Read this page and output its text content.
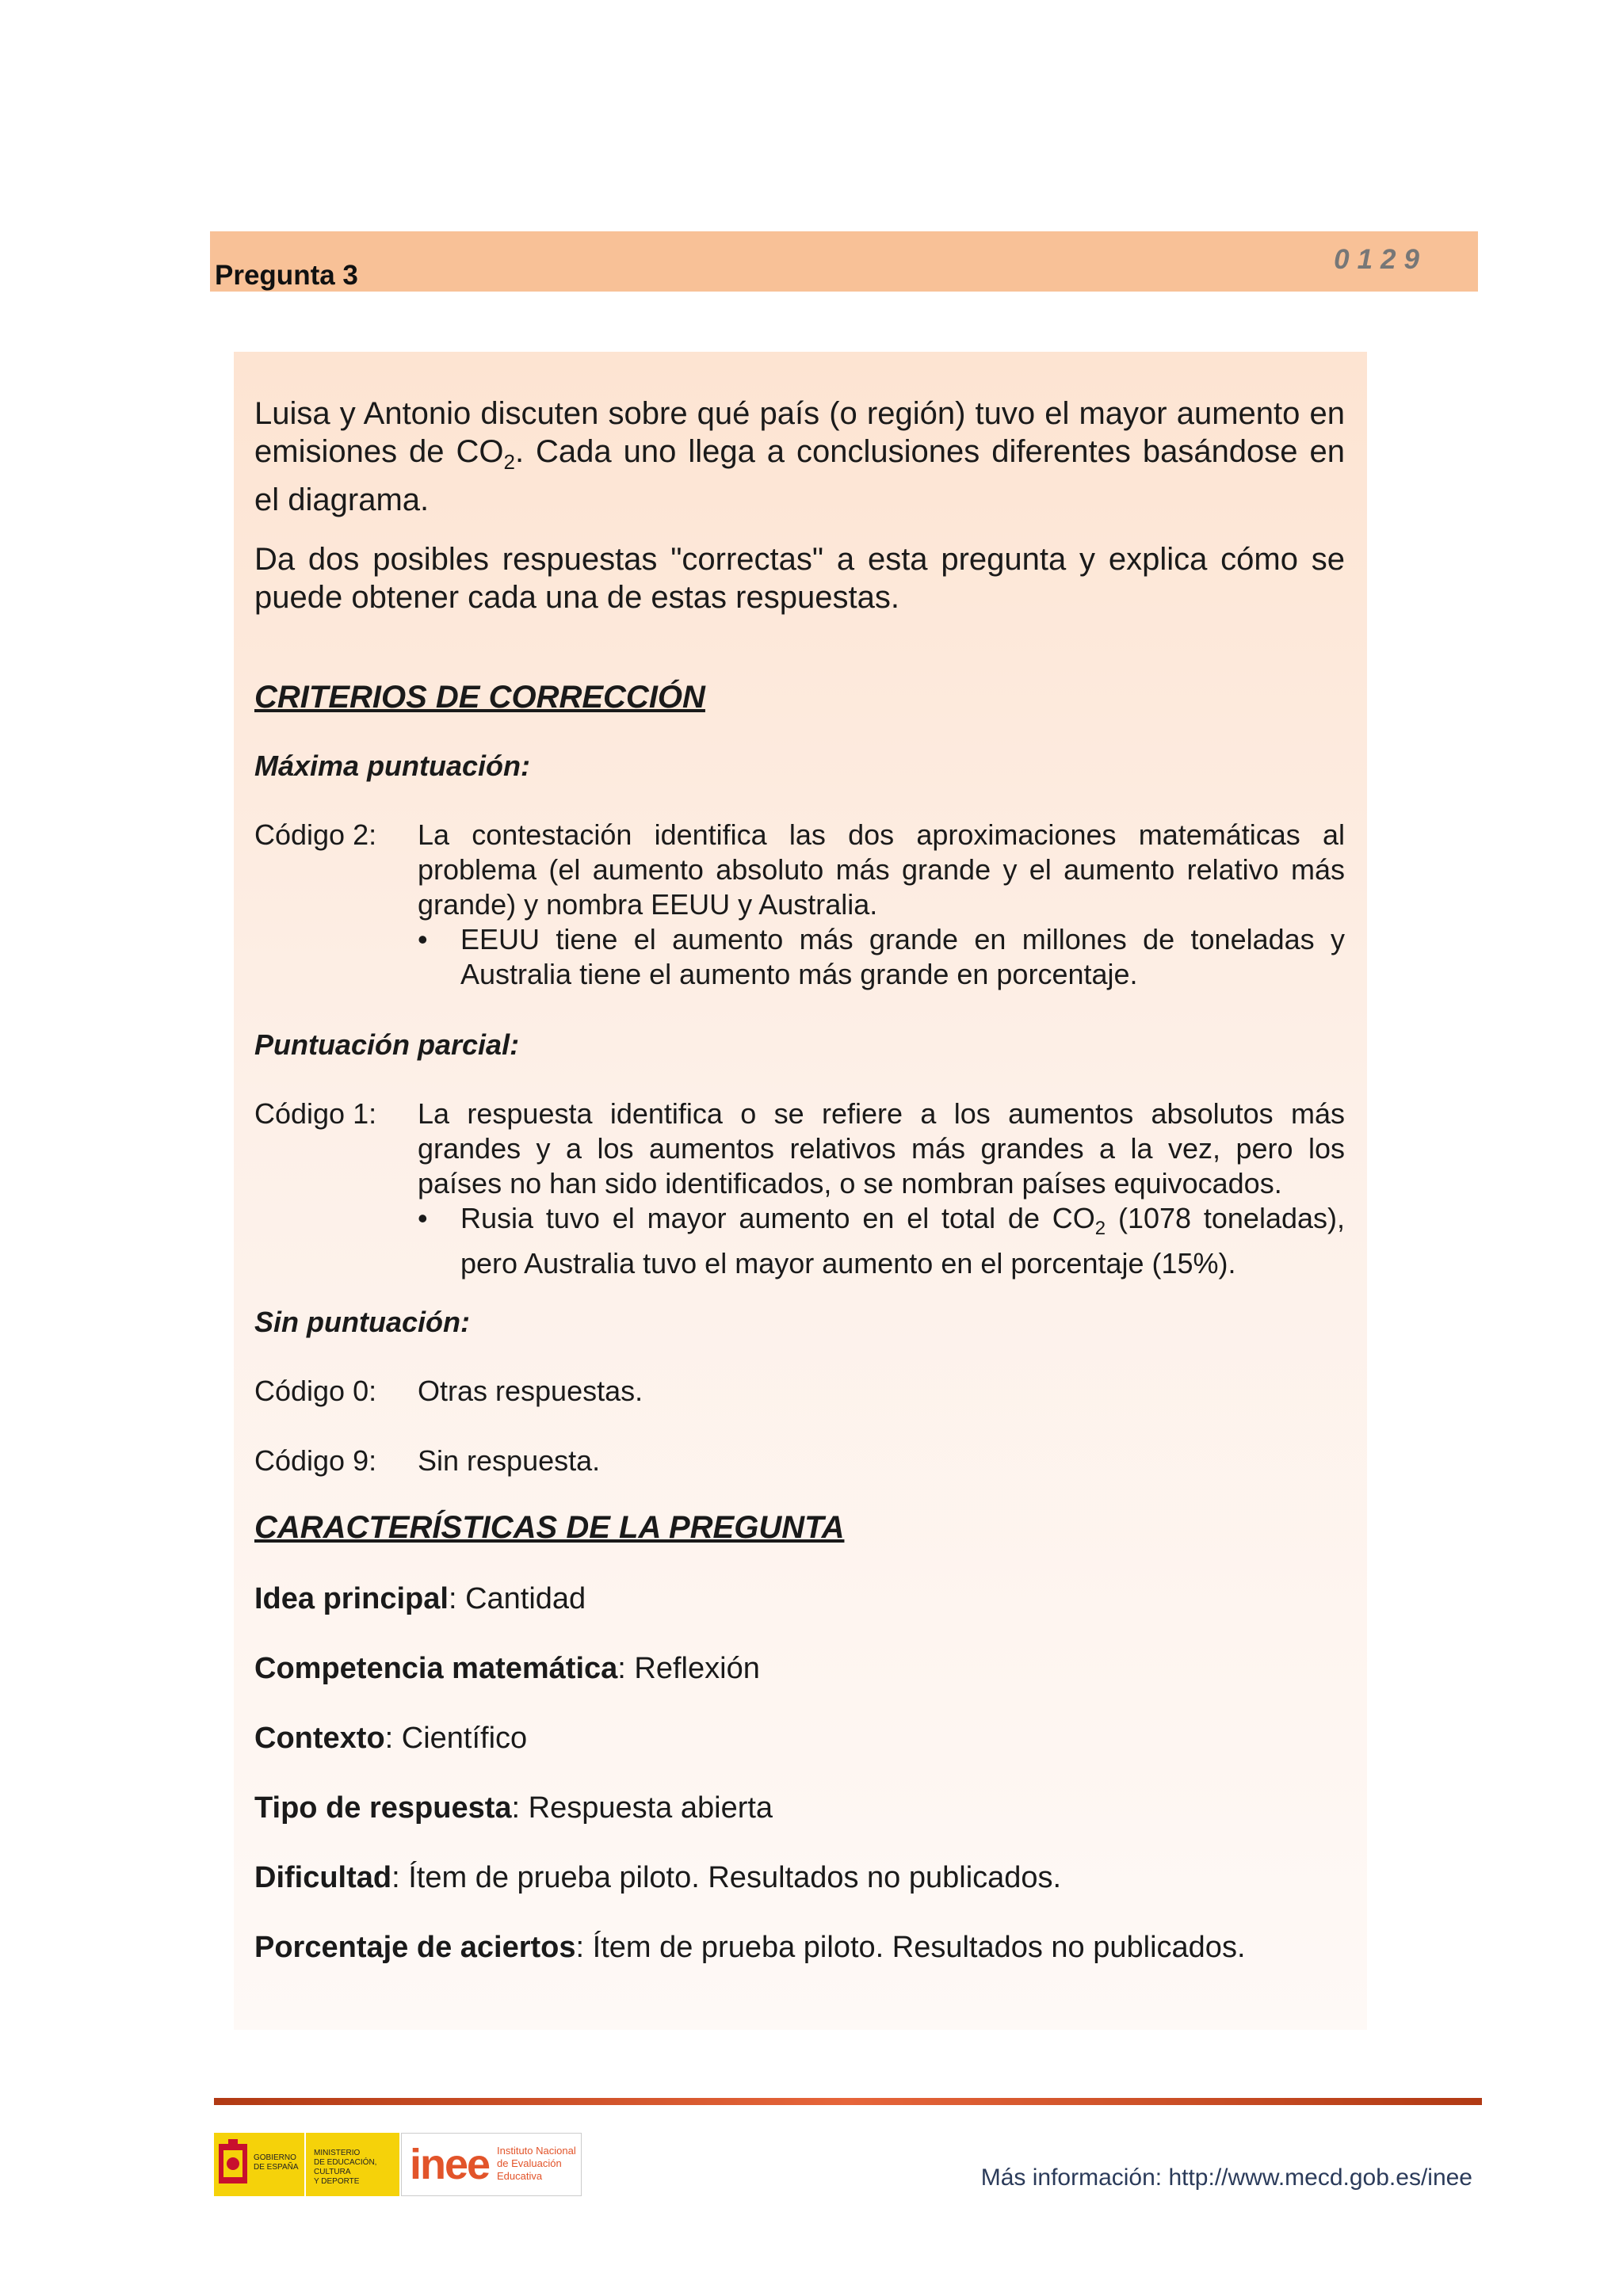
Pregunta 3
0129
Luisa y Antonio discuten sobre qué país (o región) tuvo el mayor aumento en emisiones de $CO_2$. Cada uno llega a conclusiones diferentes basándose en el diagrama.
Da dos posibles respuestas "correctas" a esta pregunta y explica cómo se puede obtener cada una de estas respuestas.
CRITERIOS DE CORRECCIÓN
Máxima puntuación:
Código 2: La contestación identifica las dos aproximaciones matemáticas al problema (el aumento absoluto más grande y el aumento relativo más grande) y nombra EEUU y Australia.
•	EEUU tiene el aumento más grande en millones de toneladas y Australia tiene el aumento más grande en porcentaje.
Puntuación parcial:
Código 1: La respuesta identifica o se refiere a los aumentos absolutos más grandes y a los aumentos relativos más grandes a la vez, pero los países no han sido identificados, o se nombran países equivocados.
•	Rusia tuvo el mayor aumento en el total de $CO_2$ (1078 toneladas), pero Australia tuvo el mayor aumento en el porcentaje (15%).
Sin puntuación:
Código 0: Otras respuestas.
Código 9: Sin respuesta.
CARACTERÍSTICAS DE LA PREGUNTA
Idea principal: Cantidad
Competencia matemática: Reflexión
Contexto: Científico
Tipo de respuesta: Respuesta abierta
Dificultad: Ítem de prueba piloto. Resultados no publicados.
Porcentaje de aciertos: Ítem de prueba piloto. Resultados no publicados.
GOBIERNO
DE ESPAÑA
MINISTERIO
DE EDUCACIÓN, CULTURA
Y DEPORTE	inee Instituto Nacional
de Evaluación
Educativa	Más información: http://www.mecd.gob.es/inee
